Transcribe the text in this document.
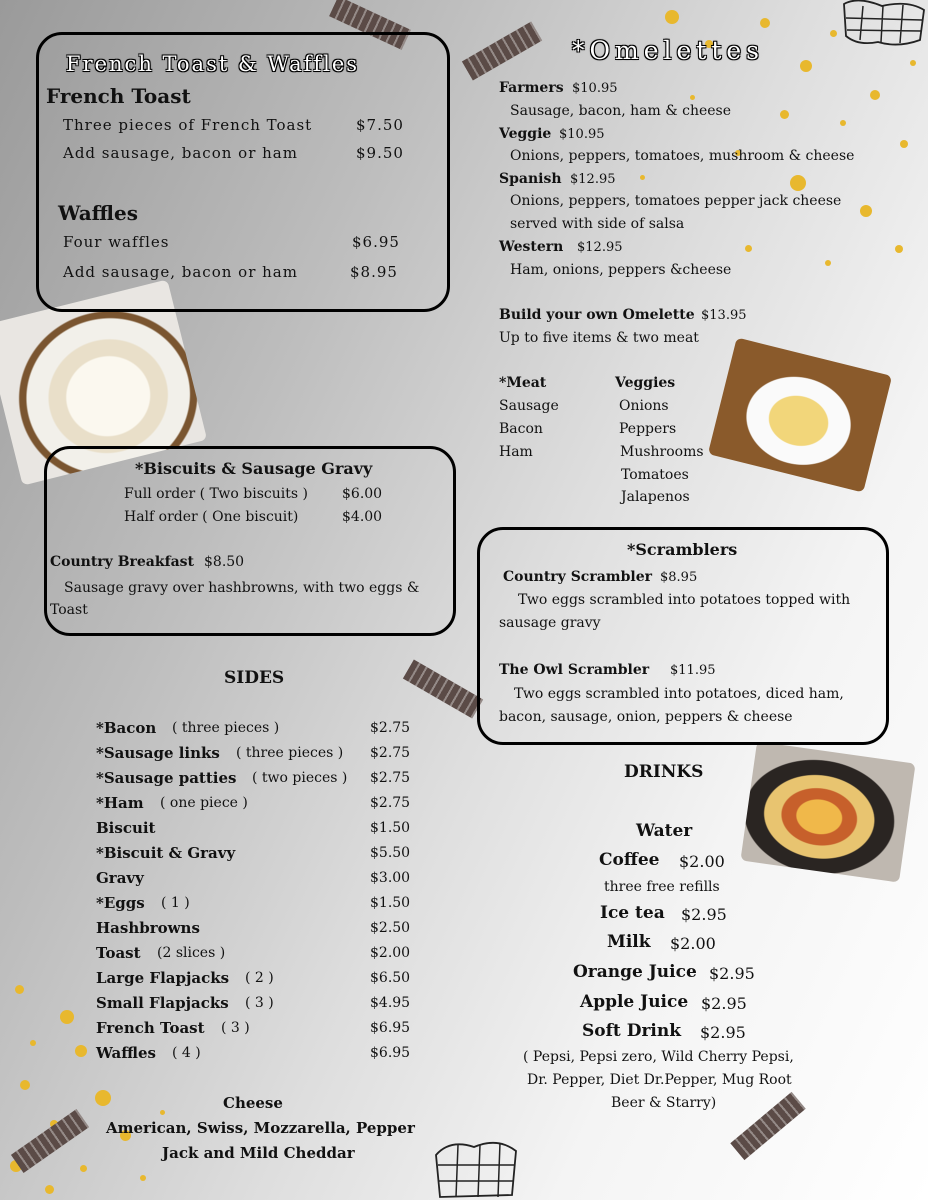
French Toast & Waffles
French Toast
Three pieces of French Toast	$7.50
Add sausage, bacon or ham	$9.50
Waffles
Four waffles	$6.95
Add sausage, bacon or ham	$8.95
*Biscuits & Sausage Gravy
Full order ( Two biscuits ) $6.00
Half order ( One biscuit)	$4.00
Country Breakfast $8.50
Sausage gravy over hashbrowns, with two eggs & Toast
SIDES
*Bacon ( three pieces )	$2.75
*Sausage links ( three pieces ) $2.75
*Sausage patties ( two pieces ) $2.75
*Ham ( one piece )	$2.75
Biscuit	$1.50
*Biscuit & Gravy	$5.50
Gravy	$3.00
*Eggs ( 1 )	$1.50
Hashbrowns	$2.50
Toast (2 slices )	$2.00
Large Flapjacks ( 2 )	$6.50
Small Flapjacks ( 3 )	$4.95
French Toast ( 3 )	$6.95
Waffles ( 4 )	$6.95
Cheese
American, Swiss, Mozzarella, Pepper
Jack and Mild Cheddar
*Omelettes
Farmers $10.95
Sausage, bacon, ham & cheese
Veggie $10.95
Onions, peppers, tomatoes, mushroom & cheese
Spanish $12.95
Onions, peppers, tomatoes pepper jack cheese
served with side of salsa
Western $12.95
Ham, onions, peppers &cheese
Build your own Omelette $13.95
Up to five items & two meat
*Meat
Sausage
Bacon
Ham
Veggies
Onions
Peppers
Mushrooms
Tomatoes
Jalapenos
*Scramblers
Country Scrambler $8.95
Two eggs scrambled into potatoes topped with
sausage gravy
The Owl Scrambler $11.95
Two eggs scrambled into potatoes, diced ham,
bacon, sausage, onion, peppers & cheese
DRINKS
Water
Coffee $2.00
three free refills
Ice tea $2.95
Milk $2.00
Orange Juice $2.95
Apple Juice $2.95
Soft Drink $2.95
( Pepsi, Pepsi zero, Wild Cherry Pepsi,
Dr. Pepper, Diet Dr.Pepper, Mug Root
Beer & Starry)
